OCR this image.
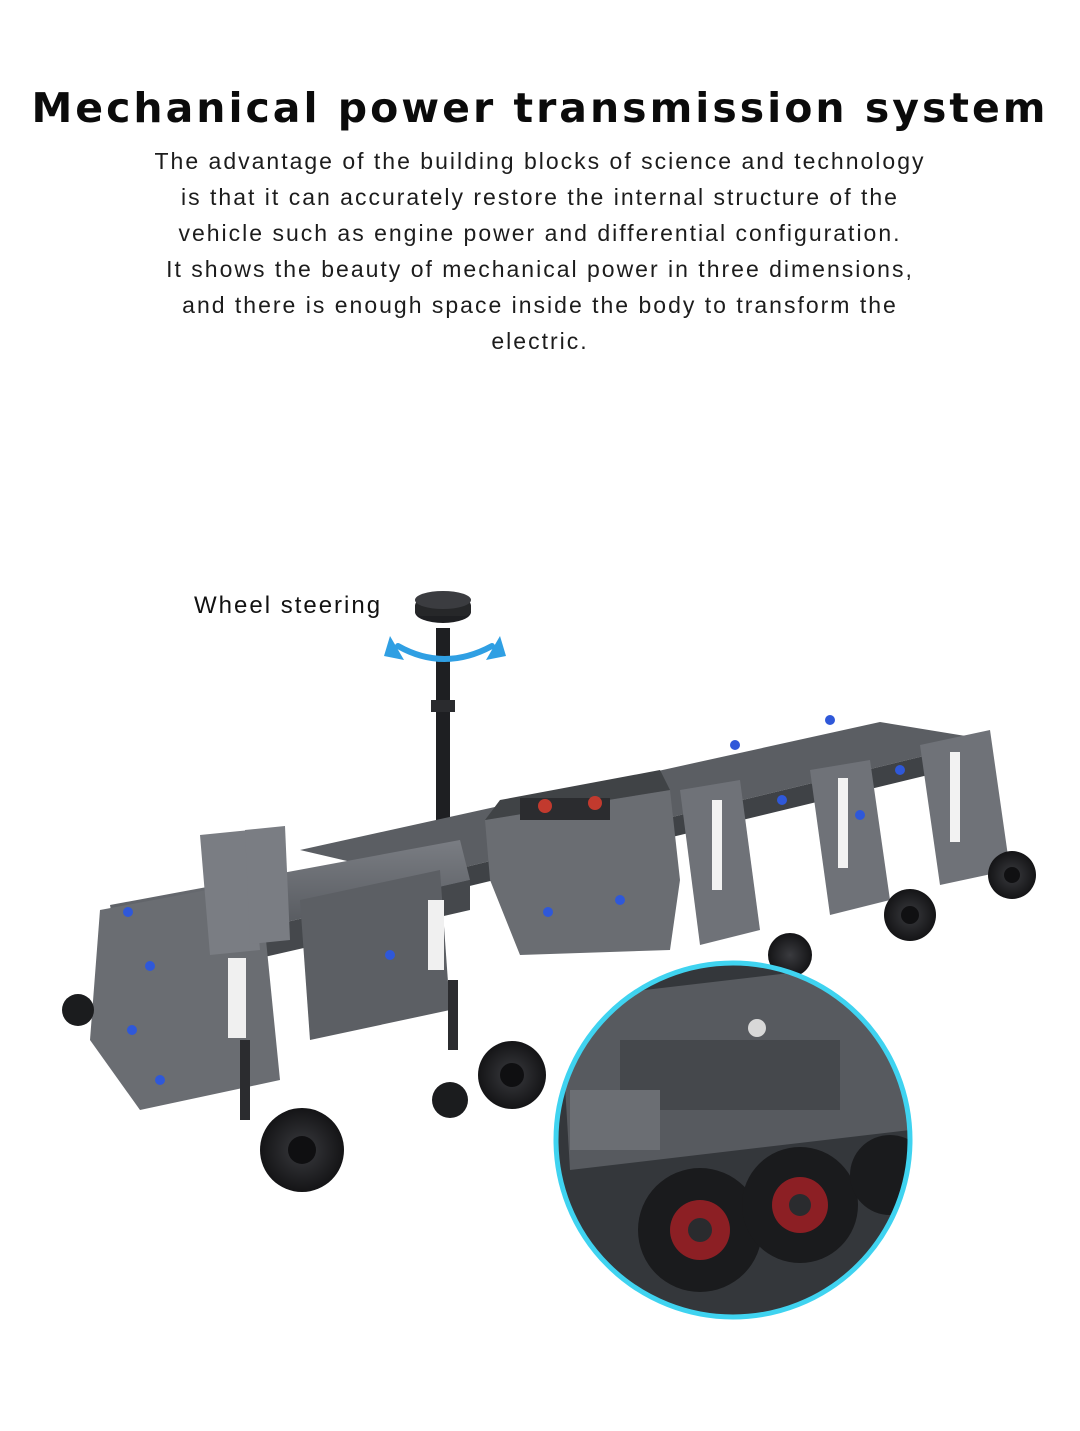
Mechanical power transmission system
The advantage of the building blocks of science and technology
is that it can accurately restore the internal structure of the
vehicle such as engine power and differential configuration.
It shows the beauty of mechanical power in three dimensions,
and there is enough space inside the body to transform the
electric.
Wheel steering
